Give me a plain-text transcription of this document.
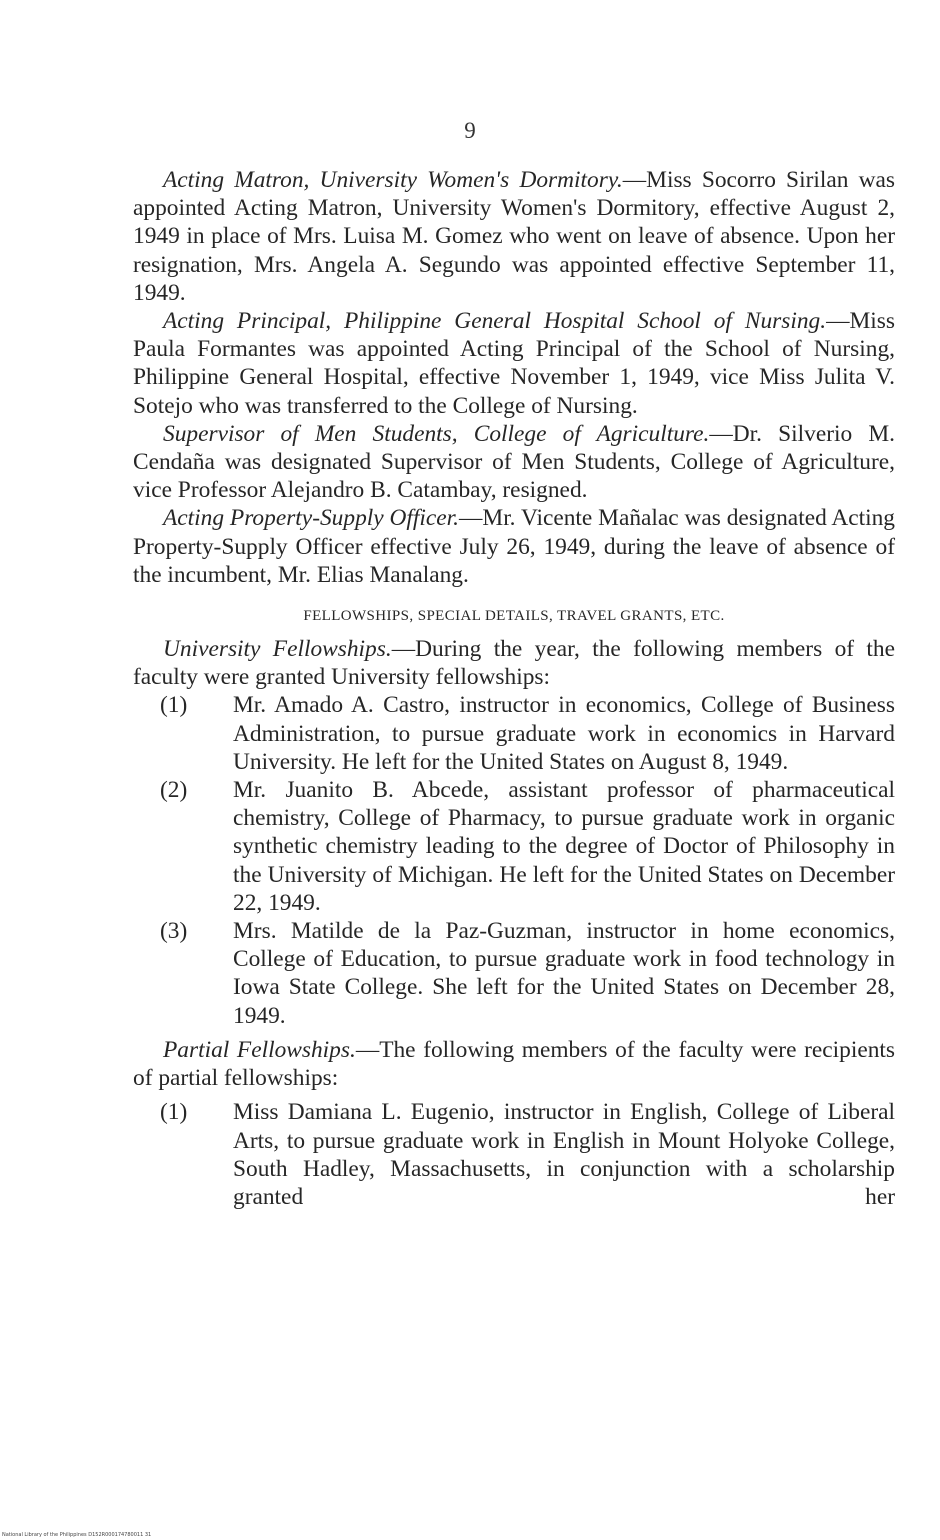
9

Acting Matron, University Women's Dormitory.—Miss Socorro Sirilan was appointed Acting Matron, University Women's Dormitory, effective August 2, 1949 in place of Mrs. Luisa M. Gomez who went on leave of absence. Upon her resignation, Mrs. Angela A. Segundo was appointed effective September 11, 1949.

Acting Principal, Philippine General Hospital School of Nursing.—Miss Paula Formantes was appointed Acting Principal of the School of Nursing, Philippine General Hospital, effective November 1, 1949, vice Miss Julita V. Sotejo who was transferred to the College of Nursing.

Supervisor of Men Students, College of Agriculture.—Dr. Silverio M. Cendaña was designated Supervisor of Men Students, College of Agriculture, vice Professor Alejandro B. Catambay, resigned.

Acting Property-Supply Officer.—Mr. Vicente Mañalac was designated Acting Property-Supply Officer effective July 26, 1949, during the leave of absence of the incumbent, Mr. Elias Manalang.

FELLOWSHIPS, SPECIAL DETAILS, TRAVEL GRANTS, ETC.

University Fellowships.—During the year, the following members of the faculty were granted University fellowships:

(1) Mr. Amado A. Castro, instructor in economics, College of Business Administration, to pursue graduate work in economics in Harvard University. He left for the United States on August 8, 1949.

(2) Mr. Juanito B. Abcede, assistant professor of pharmaceutical chemistry, College of Pharmacy, to pursue graduate work in organic synthetic chemistry leading to the degree of Doctor of Philosophy in the University of Michigan. He left for the United States on December 22, 1949.

(3) Mrs. Matilde de la Paz-Guzman, instructor in home economics, College of Education, to pursue graduate work in food technology in Iowa State College. She left for the United States on December 28, 1949.

Partial Fellowships.—The following members of the faculty were recipients of partial fellowships:

(1) Miss Damiana L. Eugenio, instructor in English, College of Liberal Arts, to pursue graduate work in English in Mount Holyoke College, South Hadley, Massachusetts, in conjunction with a scholarship granted her

National Library of the Philippines D152R000174780011 31
